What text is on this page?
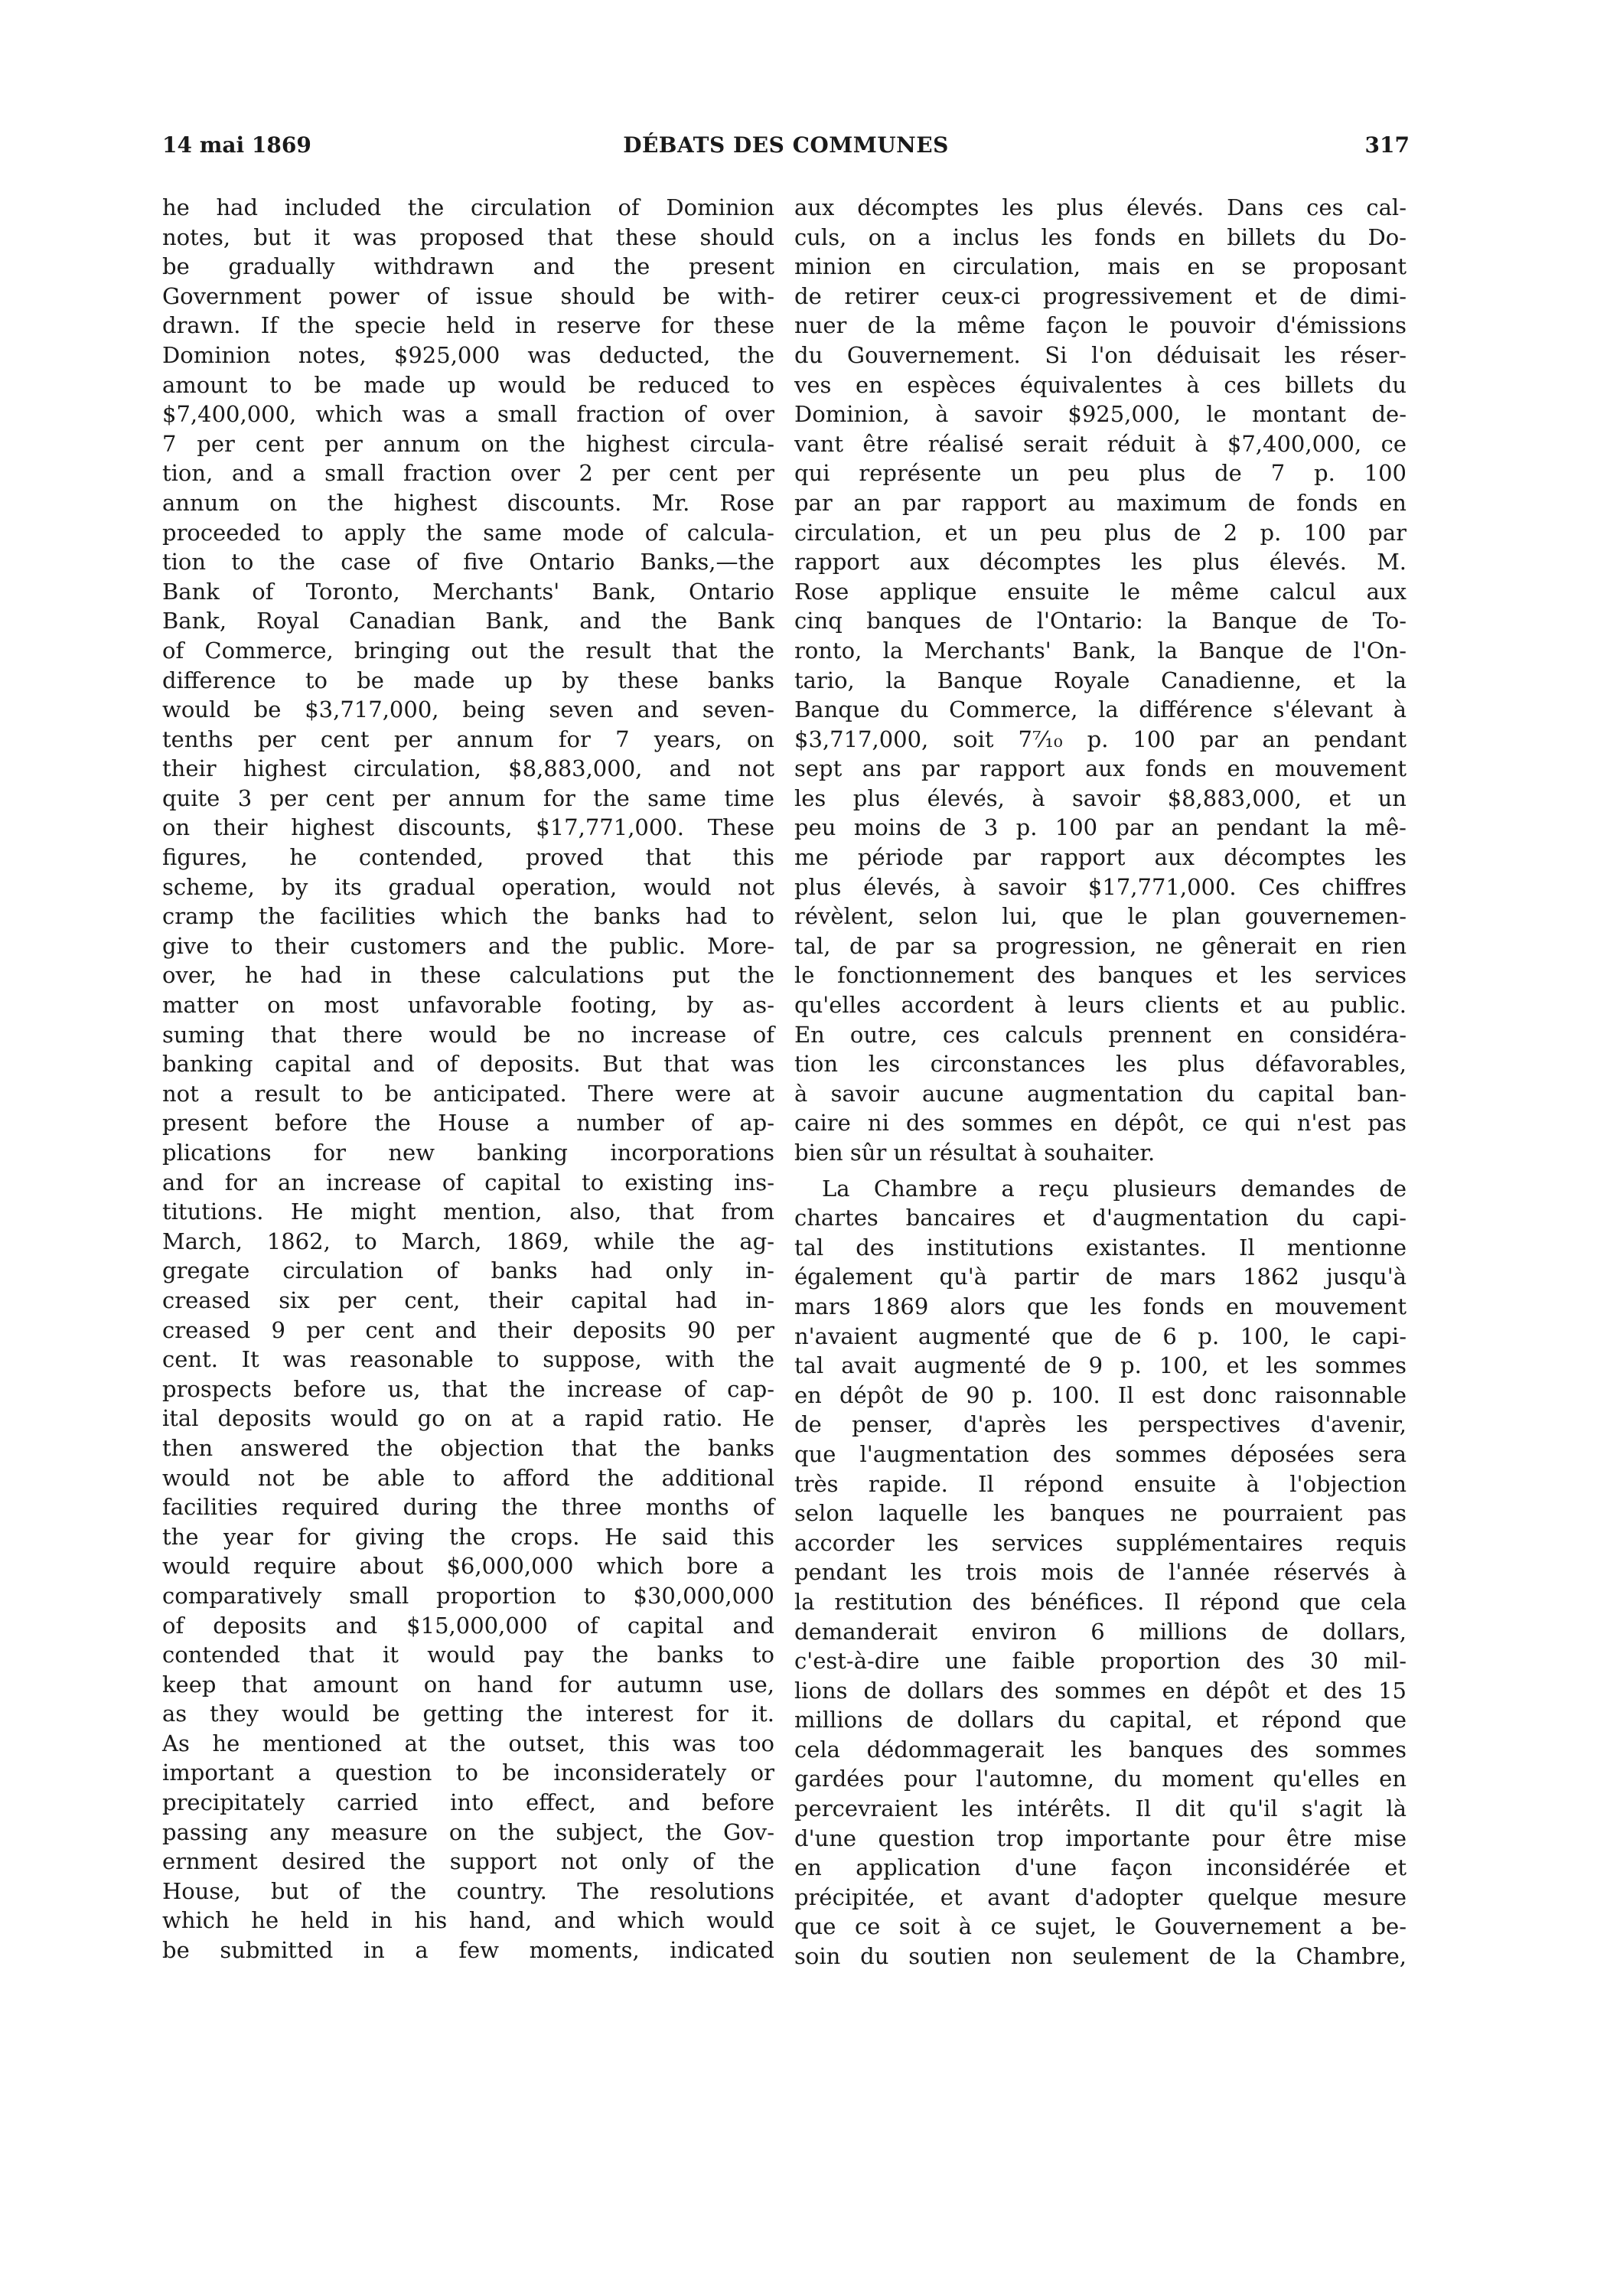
DÉBATS DES COMMUNES
14 mai 1869	317
he had included the circulation of Dominion
notes, but it was proposed that these should
be gradually withdrawn and the present
Government power of issue should be with-
drawn. If the specie held in reserve for these
Dominion notes, $925,000 was deducted, the
amount to be made up would be reduced to
$7,400,000, which was a small fraction of over
7 per cent per annum on the highest circula-
tion, and a small fraction over 2 per cent per
annum on the highest discounts. Mr. Rose
proceeded to apply the same mode of calcula-
tion to the case of five Ontario Banks,—the
Bank of Toronto, Merchants' Bank, Ontario
Bank, Royal Canadian Bank, and the Bank
of Commerce, bringing out the result that the
difference to be made up by these banks
would be $3,717,000, being seven and seven-
tenths per cent per annum for 7 years, on
their highest circulation, $8,883,000, and not
quite 3 per cent per annum for the same time
on their highest discounts, $17,771,000. These
figures, he contended, proved that this
scheme, by its gradual operation, would not
cramp the facilities which the banks had to
give to their customers and the public. More-
over, he had in these calculations put the
matter on most unfavorable footing, by as-
suming that there would be no increase of
banking capital and of deposits. But that was
not a result to be anticipated. There were at
present before the House a number of ap-
plications for new banking incorporations
and for an increase of capital to existing ins-
titutions. He might mention, also, that from
March, 1862, to March, 1869, while the ag-
gregate circulation of banks had only in-
creased six per cent, their capital had in-
creased 9 per cent and their deposits 90 per
cent. It was reasonable to suppose, with the
prospects before us, that the increase of cap-
ital deposits would go on at a rapid ratio. He
then answered the objection that the banks
would not be able to afford the additional
facilities required during the three months of
the year for giving the crops. He said this
would require about $6,000,000 which bore a
comparatively small proportion to $30,000,000
of deposits and $15,000,000 of capital and
contended that it would pay the banks to
keep that amount on hand for autumn use,
as they would be getting the interest for it.
As he mentioned at the outset, this was too
important a question to be inconsiderately or
precipitately carried into effect, and before
passing any measure on the subject, the Gov-
ernment desired the support not only of the
House, but of the country. The resolutions
which he held in his hand, and which would
be submitted in a few moments, indicated
aux décomptes les plus élevés. Dans ces cal-
culs, on a inclus les fonds en billets du Do-
minion en circulation, mais en se proposant
de retirer ceux-ci progressivement et de dimi-
nuer de la même façon le pouvoir d'émissions
du Gouvernement. Si l'on déduisait les réser-
ves en espèces équivalentes à ces billets du
Dominion, à savoir $925,000, le montant de-
vant être réalisé serait réduit à $7,400,000, ce
qui représente un peu plus de 7 p. 100
par an par rapport au maximum de fonds en
circulation, et un peu plus de 2 p. 100 par
rapport aux décomptes les plus élevés. M.
Rose applique ensuite le même calcul aux
cinq banques de l'Ontario: la Banque de To-
ronto, la Merchants' Bank, la Banque de l'On-
tario, la Banque Royale Canadienne, et la
Banque du Commerce, la différence s'élevant à
$3,717,000, soit 7⁷⁄₁₀ p. 100 par an pendant
sept ans par rapport aux fonds en mouvement
les plus élevés, à savoir $8,883,000, et un
peu moins de 3 p. 100 par an pendant la mê-
me période par rapport aux décomptes les
plus élevés, à savoir $17,771,000. Ces chiffres
révèlent, selon lui, que le plan gouvernemen-
tal, de par sa progression, ne gênerait en rien
le fonctionnement des banques et les services
qu'elles accordent à leurs clients et au public.
En outre, ces calculs prennent en considéra-
tion les circonstances les plus défavorables,
à savoir aucune augmentation du capital ban-
caire ni des sommes en dépôt, ce qui n'est pas
bien sûr un résultat à souhaiter.
La Chambre a reçu plusieurs demandes de
chartes bancaires et d'augmentation du capi-
tal des institutions existantes. Il mentionne
également qu'à partir de mars 1862 jusqu'à
mars 1869 alors que les fonds en mouvement
n'avaient augmenté que de 6 p. 100, le capi-
tal avait augmenté de 9 p. 100, et les sommes
en dépôt de 90 p. 100. Il est donc raisonnable
de penser, d'après les perspectives d'avenir,
que l'augmentation des sommes déposées sera
très rapide. Il répond ensuite à l'objection
selon laquelle les banques ne pourraient pas
accorder les services supplémentaires requis
pendant les trois mois de l'année réservés à
la restitution des bénéfices. Il répond que cela
demanderait environ 6 millions de dollars,
c'est-à-dire une faible proportion des 30 mil-
lions de dollars des sommes en dépôt et des 15
millions de dollars du capital, et répond que
cela dédommagerait les banques des sommes
gardées pour l'automne, du moment qu'elles en
percevraient les intérêts. Il dit qu'il s'agit là
d'une question trop importante pour être mise
en application d'une façon inconsidérée et
précipitée, et avant d'adopter quelque mesure
que ce soit à ce sujet, le Gouvernement a be-
soin du soutien non seulement de la Chambre,
